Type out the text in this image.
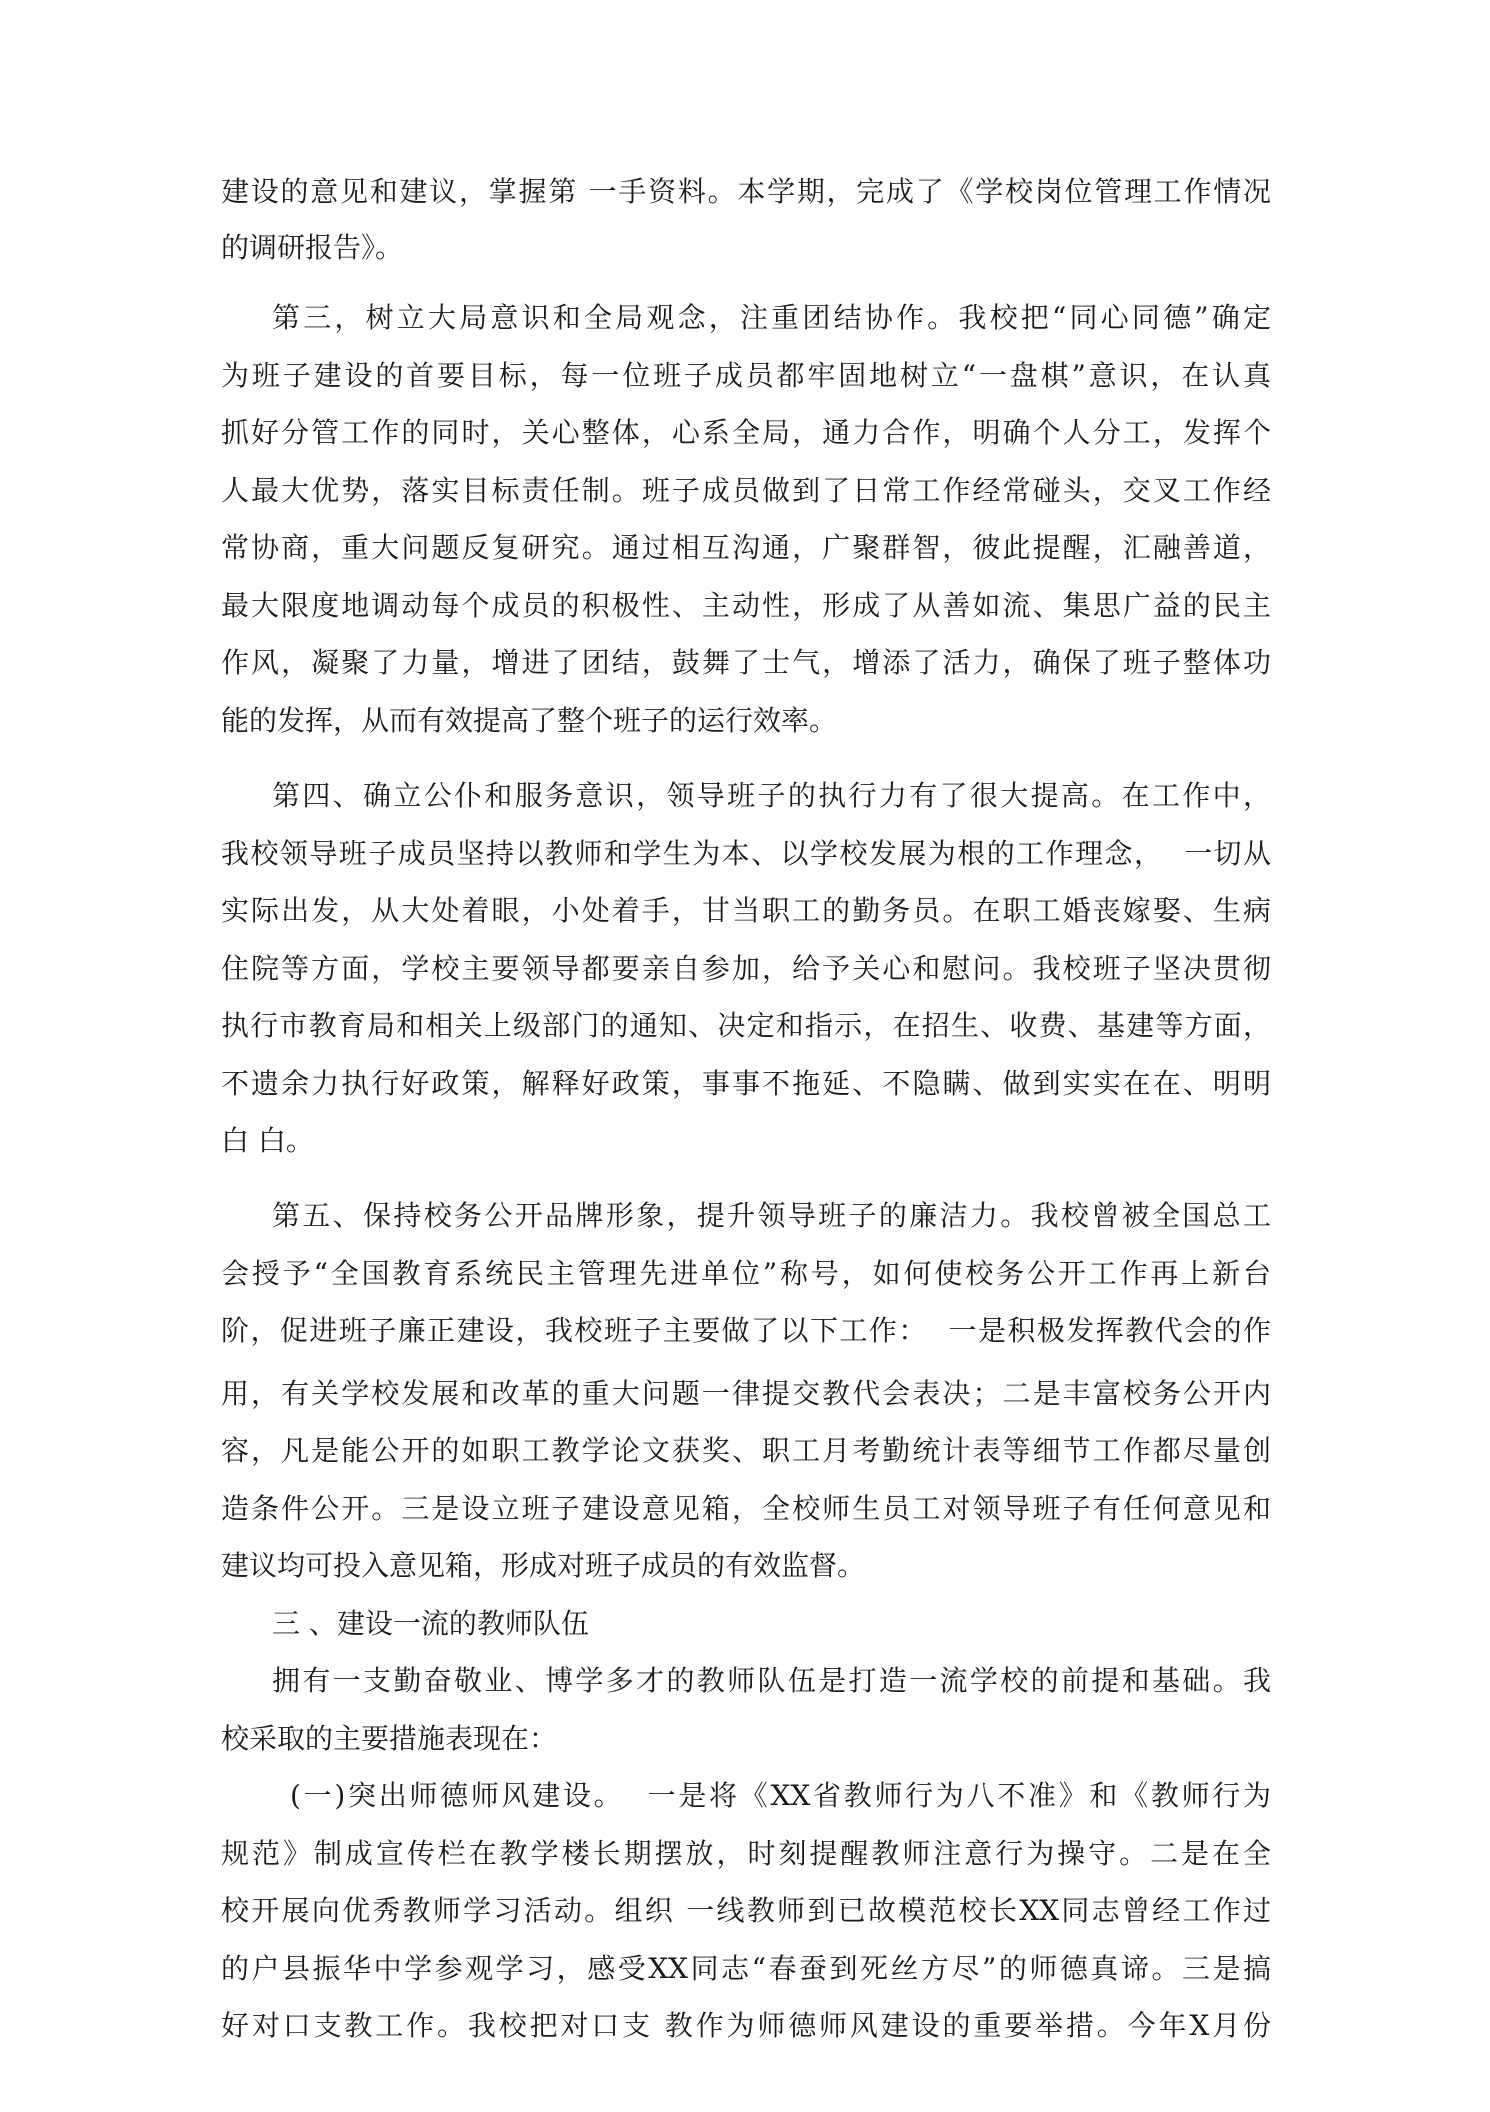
建设的意见和建议，掌握第 一手资料。本学期，完成了《学校岗位管理工作情况
的调研报告》。
第三，树立大局意识和全局观念，注重团结协作。我校把“同心同德”确定
为班子建设的首要目标，每一位班子成员都牢固地树立“一盘棋”意识，在认真
抓好分管工作的同时，关心整体，心系全局，通力合作，明确个人分工，发挥个
人最大优势，落实目标责任制。班子成员做到了日常工作经常碰头，交叉工作经
常协商，重大问题反复研究。通过相互沟通，广聚群智，彼此提醒，汇融善道，
最大限度地调动每个成员的积极性、主动性，形成了从善如流、集思广益的民主
作风，凝聚了力量，增进了团结，鼓舞了士气，增添了活力，确保了班子整体功
能的发挥，从而有效提高了整个班子的运行效率。
第四、确立公仆和服务意识，领导班子的执行力有了很大提高。在工作中，
我校领导班子成员坚持以教师和学生为本、以学校发展为根的工作理念，  一切从
实际出发，从大处着眼，小处着手，甘当职工的勤务员。在职工婚丧嫁娶、生病
住院等方面，学校主要领导都要亲自参加，给予关心和慰问。我校班子坚决贯彻
执行市教育局和相关上级部门的通知、决定和指示，在招生、收费、基建等方面，
不遗余力执行好政策，解释好政策，事事不拖延、不隐瞒、做到实实在在、明明
白 白。
第五、保持校务公开品牌形象，提升领导班子的廉洁力。我校曾被全国总工
会授予“全国教育系统民主管理先进单位”称号，如何使校务公开工作再上新台
阶，促进班子廉正建设，我校班子主要做了以下工作：  一是积极发挥教代会的作
用，有关学校发展和改革的重大问题一律提交教代会表决；二是丰富校务公开内
容，凡是能公开的如职工教学论文获奖、职工月考勤统计表等细节工作都尽量创
造条件公开。三是设立班子建设意见箱，全校师生员工对领导班子有任何意见和
建议均可投入意见箱，形成对班子成员的有效监督。
三 、建设一流的教师队伍
拥有一支勤奋敬业、博学多才的教师队伍是打造一流学校的前提和基础。我
校采取的主要措施表现在：
(一)突出师德师风建设。  一是将《XX省教师行为八不准》和《教师行为
规范》制成宣传栏在教学楼长期摆放，时刻提醒教师注意行为操守。二是在全
校开展向优秀教师学习活动。组织 一线教师到已故模范校长XX同志曾经工作过
的户县振华中学参观学习，感受XX同志“春蚕到死丝方尽”的师德真谛。三是搞
好对口支教工作。我校把对口支 教作为师德师风建设的重要举措。今年X月份
